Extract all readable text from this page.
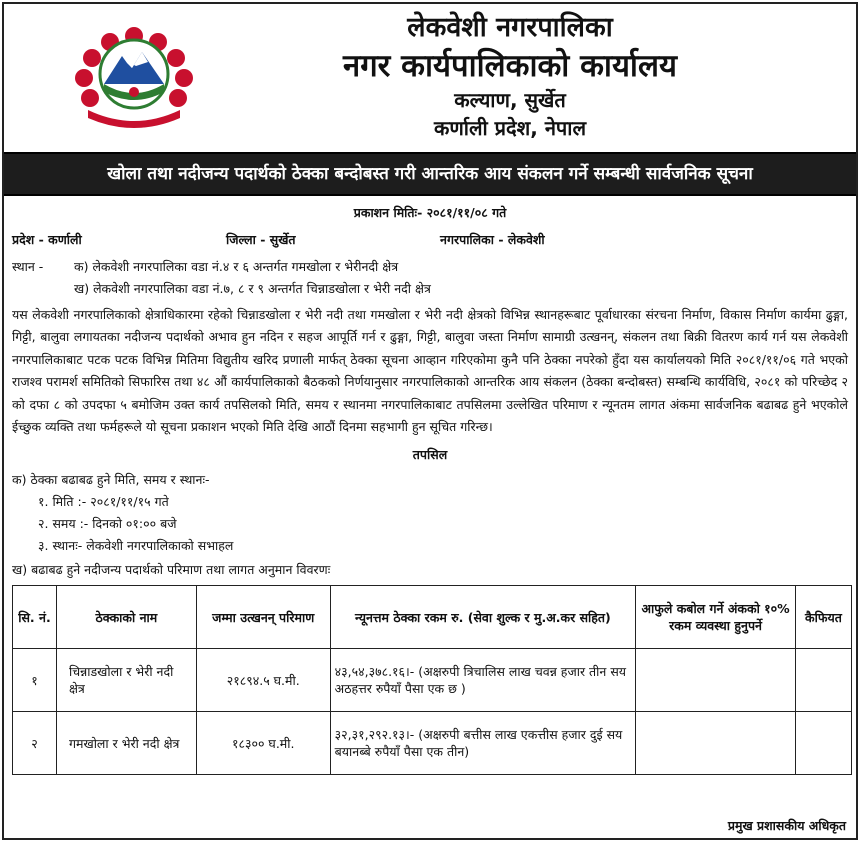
लेकवेशी नगरपालिका
नगर कार्यपालिकाको कार्यालय
कल्याण, सुर्खेत
कर्णाली प्रदेश, नेपाल
खोला तथा नदीजन्य पदार्थको ठेक्का बन्दोबस्त गरी आन्तरिक आय संकलन गर्ने सम्बन्धी सार्वजनिक सूचना
प्रकाशन मितिः- २०८१/११/०८ गते
प्रदेश - कर्णाली	जिल्ला - सुर्खेत	नगरपालिका - लेकवेशी
स्थान -	क) लेकवेशी नगरपालिका वडा नं.४ र ६ अन्तर्गत गमखोला र भेरीनदी क्षेत्र
ख) लेकवेशी नगरपालिका वडा नं.७, ८ र ९ अन्तर्गत चिन्नाडखोला र भेरी नदी क्षेत्र
यस लेकवेशी नगरपालिकाको क्षेत्राधिकारमा रहेको चिन्नाडखोला र भेरी नदी तथा गमखोला र भेरी नदी क्षेत्रको विभिन्न स्थानहरूबाट पूर्वाधारका संरचना निर्माण, विकास निर्माण कार्यमा ढुङ्गा, गिट्टी, बालुवा लगायतका नदीजन्य पदार्थको अभाव हुन नदिन र सहज आपूर्ति गर्न र ढुङ्गा, गिट्टी, बालुवा जस्ता निर्माण सामाग्री उत्खनन्, संकलन तथा बिक्री वितरण कार्य गर्न यस लेकवेशी नगरपालिकाबाट पटक पटक विभिन्न मितिमा विद्युतीय खरिद प्रणाली मार्फत् ठेक्का सूचना आव्हान गरिएकोमा कुनै पनि ठेक्का नपरेको हुँदा यस कार्यालयको मिति २०८१/११/०६ गते भएको राजश्व परामर्श समितिको सिफारिस तथा ४८ औं कार्यपालिकाको बैठकको निर्णयानुसार नगरपालिकाको आन्तरिक आय संकलन (ठेक्का बन्दोबस्त) सम्बन्धि कार्यविधि, २०८१ को परिच्छेद २ को दफा ८ को उपदफा ५ बमोजिम उक्त कार्य तपसिलको मिति, समय र स्थानमा नगरपालिकाबाट तपसिलमा उल्लेखित परिमाण र न्यूनतम लागत अंकमा सार्वजनिक बढाबढ हुने भएकोले ईच्छुक व्यक्ति तथा फर्महरूले यो सूचना प्रकाशन भएको मिति देखि आठौं दिनमा सहभागी हुन सूचित गरिन्छ।
तपसिल
क) ठेक्का बढाबढ हुने मिति, समय र स्थानः-
१. मिति :- २०८१/११/१५ गते
२. समय :- दिनको ०१:०० बजे
३. स्थानः- लेकवेशी नगरपालिकाको सभाहल
ख) बढाबढ हुने नदीजन्य पदार्थको परिमाण तथा लागत अनुमान विवरणः
सि. नं.	ठेक्काको नाम	जम्मा उत्खनन् परिमाण	न्यूनत्तम ठेक्का रकम रु. (सेवा शुल्क र मु.अ.कर सहित)	आफुले कबोल गर्ने अंकको १०% रकम व्यवस्था हुनुपर्ने	कैफियत
१	चिन्नाडखोला र भेरी नदी क्षेत्र	२१८९४.५ घ.मी.	४३,५४,३७८.१६।- (अक्षरुपी त्रिचालिस लाख चवन्न हजार तीन सय अठहत्तर रुपैयाँ पैसा एक छ )		
२	गमखोला र भेरी नदी क्षेत्र	१८३०० घ.मी.	३२,३१,२९२.१३।- (अक्षरुपी बत्तीस लाख एकत्तीस हजार दुई सय बयानब्बे रुपैयाँ पैसा एक तीन)		
प्रमुख प्रशासकीय अधिकृत
